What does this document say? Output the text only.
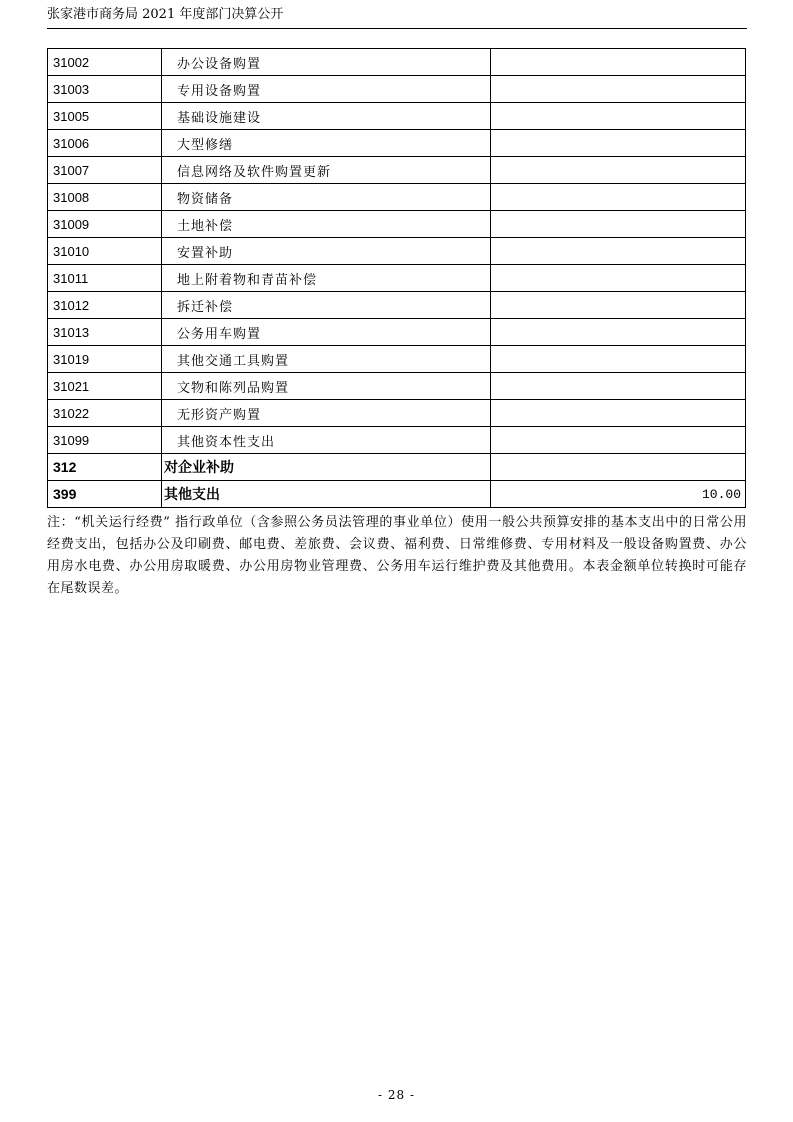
张家港市商务局 2021 年度部门决算公开
31002	办公设备购置	
31003	专用设备购置	
31005	基础设施建设	
31006	大型修缮	
31007	信息网络及软件购置更新	
31008	物资储备	
31009	土地补偿	
31010	安置补助	
31011	地上附着物和青苗补偿	
31012	拆迁补偿	
31013	公务用车购置	
31019	其他交通工具购置	
31021	文物和陈列品购置	
31022	无形资产购置	
31099	其他资本性支出	
312	对企业补助	
399	其他支出	10.00
注：“机关运行经费” 指行政单位（含参照公务员法管理的事业单位）使用一般公共预算安排的基本支出中的日常公用经费支出，包括办公及印刷费、邮电费、差旅费、会议费、福利费、日常维修费、专用材料及一般设备购置费、办公用房水电费、办公用房取暖费、办公用房物业管理费、公务用车运行维护费及其他费用。本表金额单位转换时可能存在尾数误差。
- 28 -
